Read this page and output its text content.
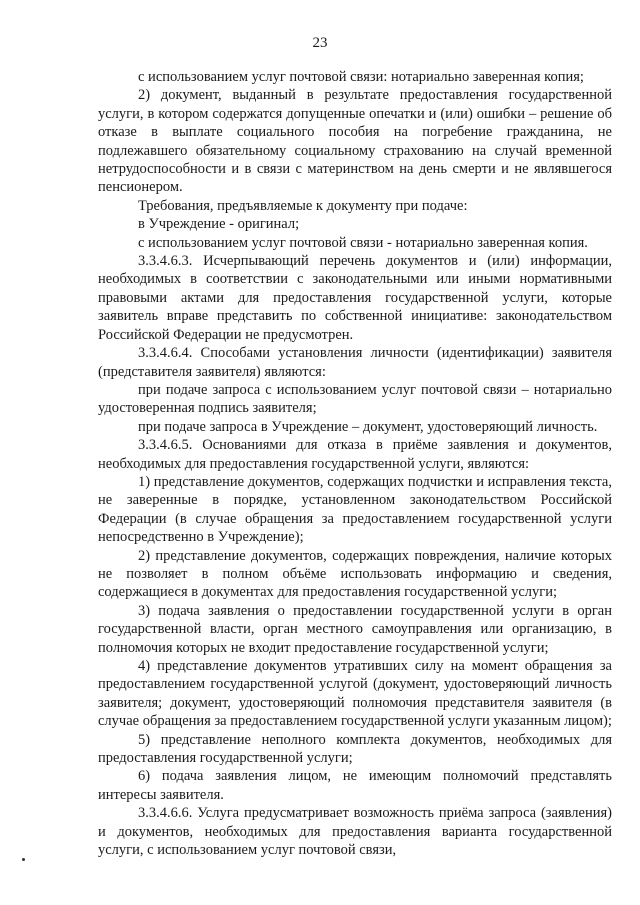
23

с использованием услуг почтовой связи: нотариально заверенная копия;

2) документ, выданный в результате предоставления государственной услуги, в котором содержатся допущенные опечатки и (или) ошибки – решение об отказе в выплате социального пособия на погребение гражданина, не подлежавшего обязательному социальному страхованию на случай временной нетрудоспособности и в связи с материнством на день смерти и не являвшегося пенсионером.

Требования, предъявляемые к документу при подаче:

в Учреждение - оригинал;

с использованием услуг почтовой связи - нотариально заверенная копия.

3.3.4.6.3. Исчерпывающий перечень документов и (или) информации, необходимых в соответствии с законодательными или иными нормативными правовыми актами для предоставления государственной услуги, которые заявитель вправе представить по собственной инициативе: законодательством Российской Федерации не предусмотрен.

3.3.4.6.4. Способами установления личности (идентификации) заявителя (представителя заявителя) являются:

при подаче запроса с использованием услуг почтовой связи – нотариально удостоверенная подпись заявителя;

при подаче запроса в Учреждение – документ, удостоверяющий личность.

3.3.4.6.5. Основаниями для отказа в приёме заявления и документов, необходимых для предоставления государственной услуги, являются:

1) представление документов, содержащих подчистки и исправления текста, не заверенные в порядке, установленном законодательством Российской Федерации (в случае обращения за предоставлением государственной услуги непосредственно в Учреждение);

2) представление документов, содержащих повреждения, наличие которых не позволяет в полном объёме использовать информацию и сведения, содержащиеся в документах для предоставления государственной услуги;

3) подача заявления о предоставлении государственной услуги в орган государственной власти, орган местного самоуправления или организацию, в полномочия которых не входит предоставление государственной услуги;

4) представление документов утративших силу на момент обращения за предоставлением государственной услугой (документ, удостоверяющий личность заявителя; документ, удостоверяющий полномочия представителя заявителя (в случае обращения за предоставлением государственной услуги указанным лицом);

5) представление неполного комплекта документов, необходимых для предоставления государственной услуги;

6) подача заявления лицом, не имеющим полномочий представлять интересы заявителя.

3.3.4.6.6. Услуга предусматривает возможность приёма запроса (заявления) и документов, необходимых для предоставления варианта государственной услуги, с использованием услуг почтовой связи,
